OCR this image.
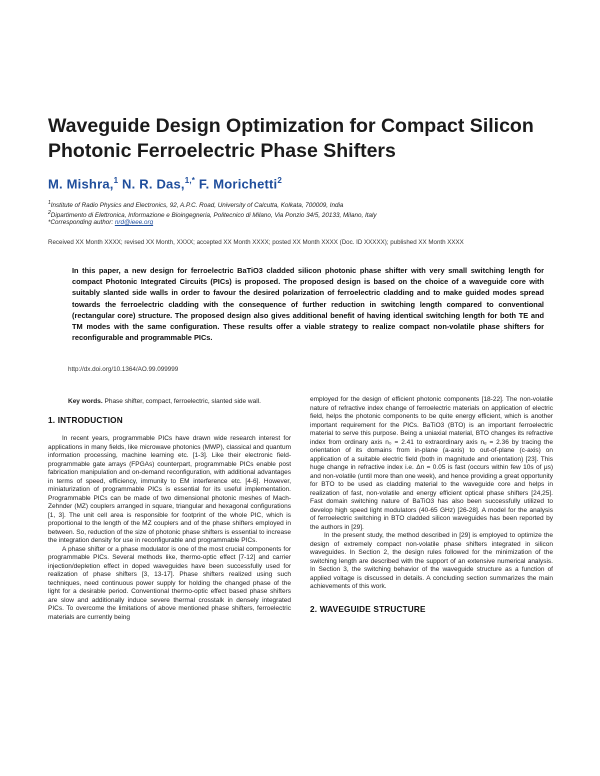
Waveguide Design Optimization for Compact Silicon Photonic Ferroelectric Phase Shifters
M. Mishra,$^1$ N. R. Das,$^{1,*}$ F. Morichetti$^2$
$^1$Institute of Radio Physics and Electronics, 92, A.P.C. Road, University of Calcutta, Kolkata, 700009, India
$^2$Dipartimento di Elettronica, Informazione e Bioingegneria, Politecnico di Milano, Via Ponzio 34/5, 20133, Milano, Italy
*Corresponding author: nrd@ieee.org
Received XX Month XXXX; revised XX Month, XXXX; accepted XX Month XXXX; posted XX Month XXXX (Doc. ID XXXXX); published XX Month XXXX
In this paper, a new design for ferroelectric BaTiO3 cladded silicon photonic phase shifter with very small switching length for compact Photonic Integrated Circuits (PICs) is proposed. The proposed design is based on the choice of a waveguide core with suitably slanted side walls in order to favour the desired polarization of ferroelectric cladding and to make guided modes spread towards the ferroelectric cladding with the consequence of further reduction in switching length compared to conventional (rectangular core) structure. The proposed design also gives additional benefit of having identical switching length for both TE and TM modes with the same configuration. These results offer a viable strategy to realize compact non-volatile phase shifters for reconfigurable and programmable PICs.
http://dx.doi.org/10.1364/AO.99.099999
Key words. Phase shifter, compact, ferroelectric, slanted side wall.
1. INTRODUCTION

In recent years, programmable PICs have drawn wide research interest for applications in many fields, like microwave photonics (MWP), classical and quantum information processing, machine learning etc. [1-3]. Like their electronic field-programmable gate arrays (FPGAs) counterpart, programmable PICs enable post fabrication manipulation and on-demand reconfiguration, with additional advantages in terms of speed, efficiency, immunity to EM interference etc. [4-6]. However, miniaturization of programmable PICs is essential for its useful implementation. Programmable PICs can be made of two dimensional photonic meshes of Mach-Zehnder (MZ) couplers arranged in square, triangular and hexagonal configurations [1, 3]. The unit cell area is responsible for footprint of the whole PIC, which is proportional to the length of the MZ couplers and of the phase shifters employed in between. So, reduction of the size of photonic phase shifters is essential to increase the integration density for use in reconfigurable and programmable PICs.

A phase shifter or a phase modulator is one of the most crucial components for programmable PICs. Several methods like, thermo-optic effect [7-12] and carrier injection/depletion effect in doped waveguides have been successfully used for realization of phase shifters [3, 13-17]. Phase shifters realized using such techniques, need continuous power supply for holding the changed phase of the light for a desirable period. Conventional thermo-optic effect based phase shifters are slow and additionally induce severe thermal crosstalk in densely integrated PICs. To overcome the limitations of above mentioned phase shifters, ferroelectric materials are currently being

employed for the design of efficient photonic components [18-22]. The non-volatile nature of refractive index change of ferroelectric materials on application of electric field, helps the photonic components to be quite energy efficient, which is another important requirement for the PICs. BaTiO3 (BTO) is an important ferroelectric material to serve this purpose. Being a uniaxial material, BTO changes its refractive index from ordinary axis n₀ = 2.41 to extraordinary axis nₑ = 2.36 by tracing the orientation of its domains from in-plane (a-axis) to out-of-plane (c-axis) on application of a suitable electric field (both in magnitude and orientation) [23]. This huge change in refractive index i.e. Δn = 0.05 is fast (occurs within few 10s of μs) and non-volatile (until more than one week), and hence providing a great opportunity for BTO to be used as cladding material to the waveguide core and helps in realization of fast, non-volatile and energy efficient optical phase shifters [24,25]. Fast domain switching nature of BaTiO3 has also been successfully utilized to develop high speed light modulators (40-65 GHz) [26-28]. A model for the analysis of ferroelectric switching in BTO cladded silicon waveguides has been reported by the authors in [29].

In the present study, the method described in [29] is employed to optimize the design of extremely compact non-volatile phase shifters integrated in silicon waveguides. In Section 2, the design rules followed for the minimization of the switching length are described with the support of an extensive numerical analysis. In Section 3, the switching behavior of the waveguide structure as a function of applied voltage is discussed in details. A concluding section summarizes the main achievements of this work.

2. WAVEGUIDE STRUCTURE
